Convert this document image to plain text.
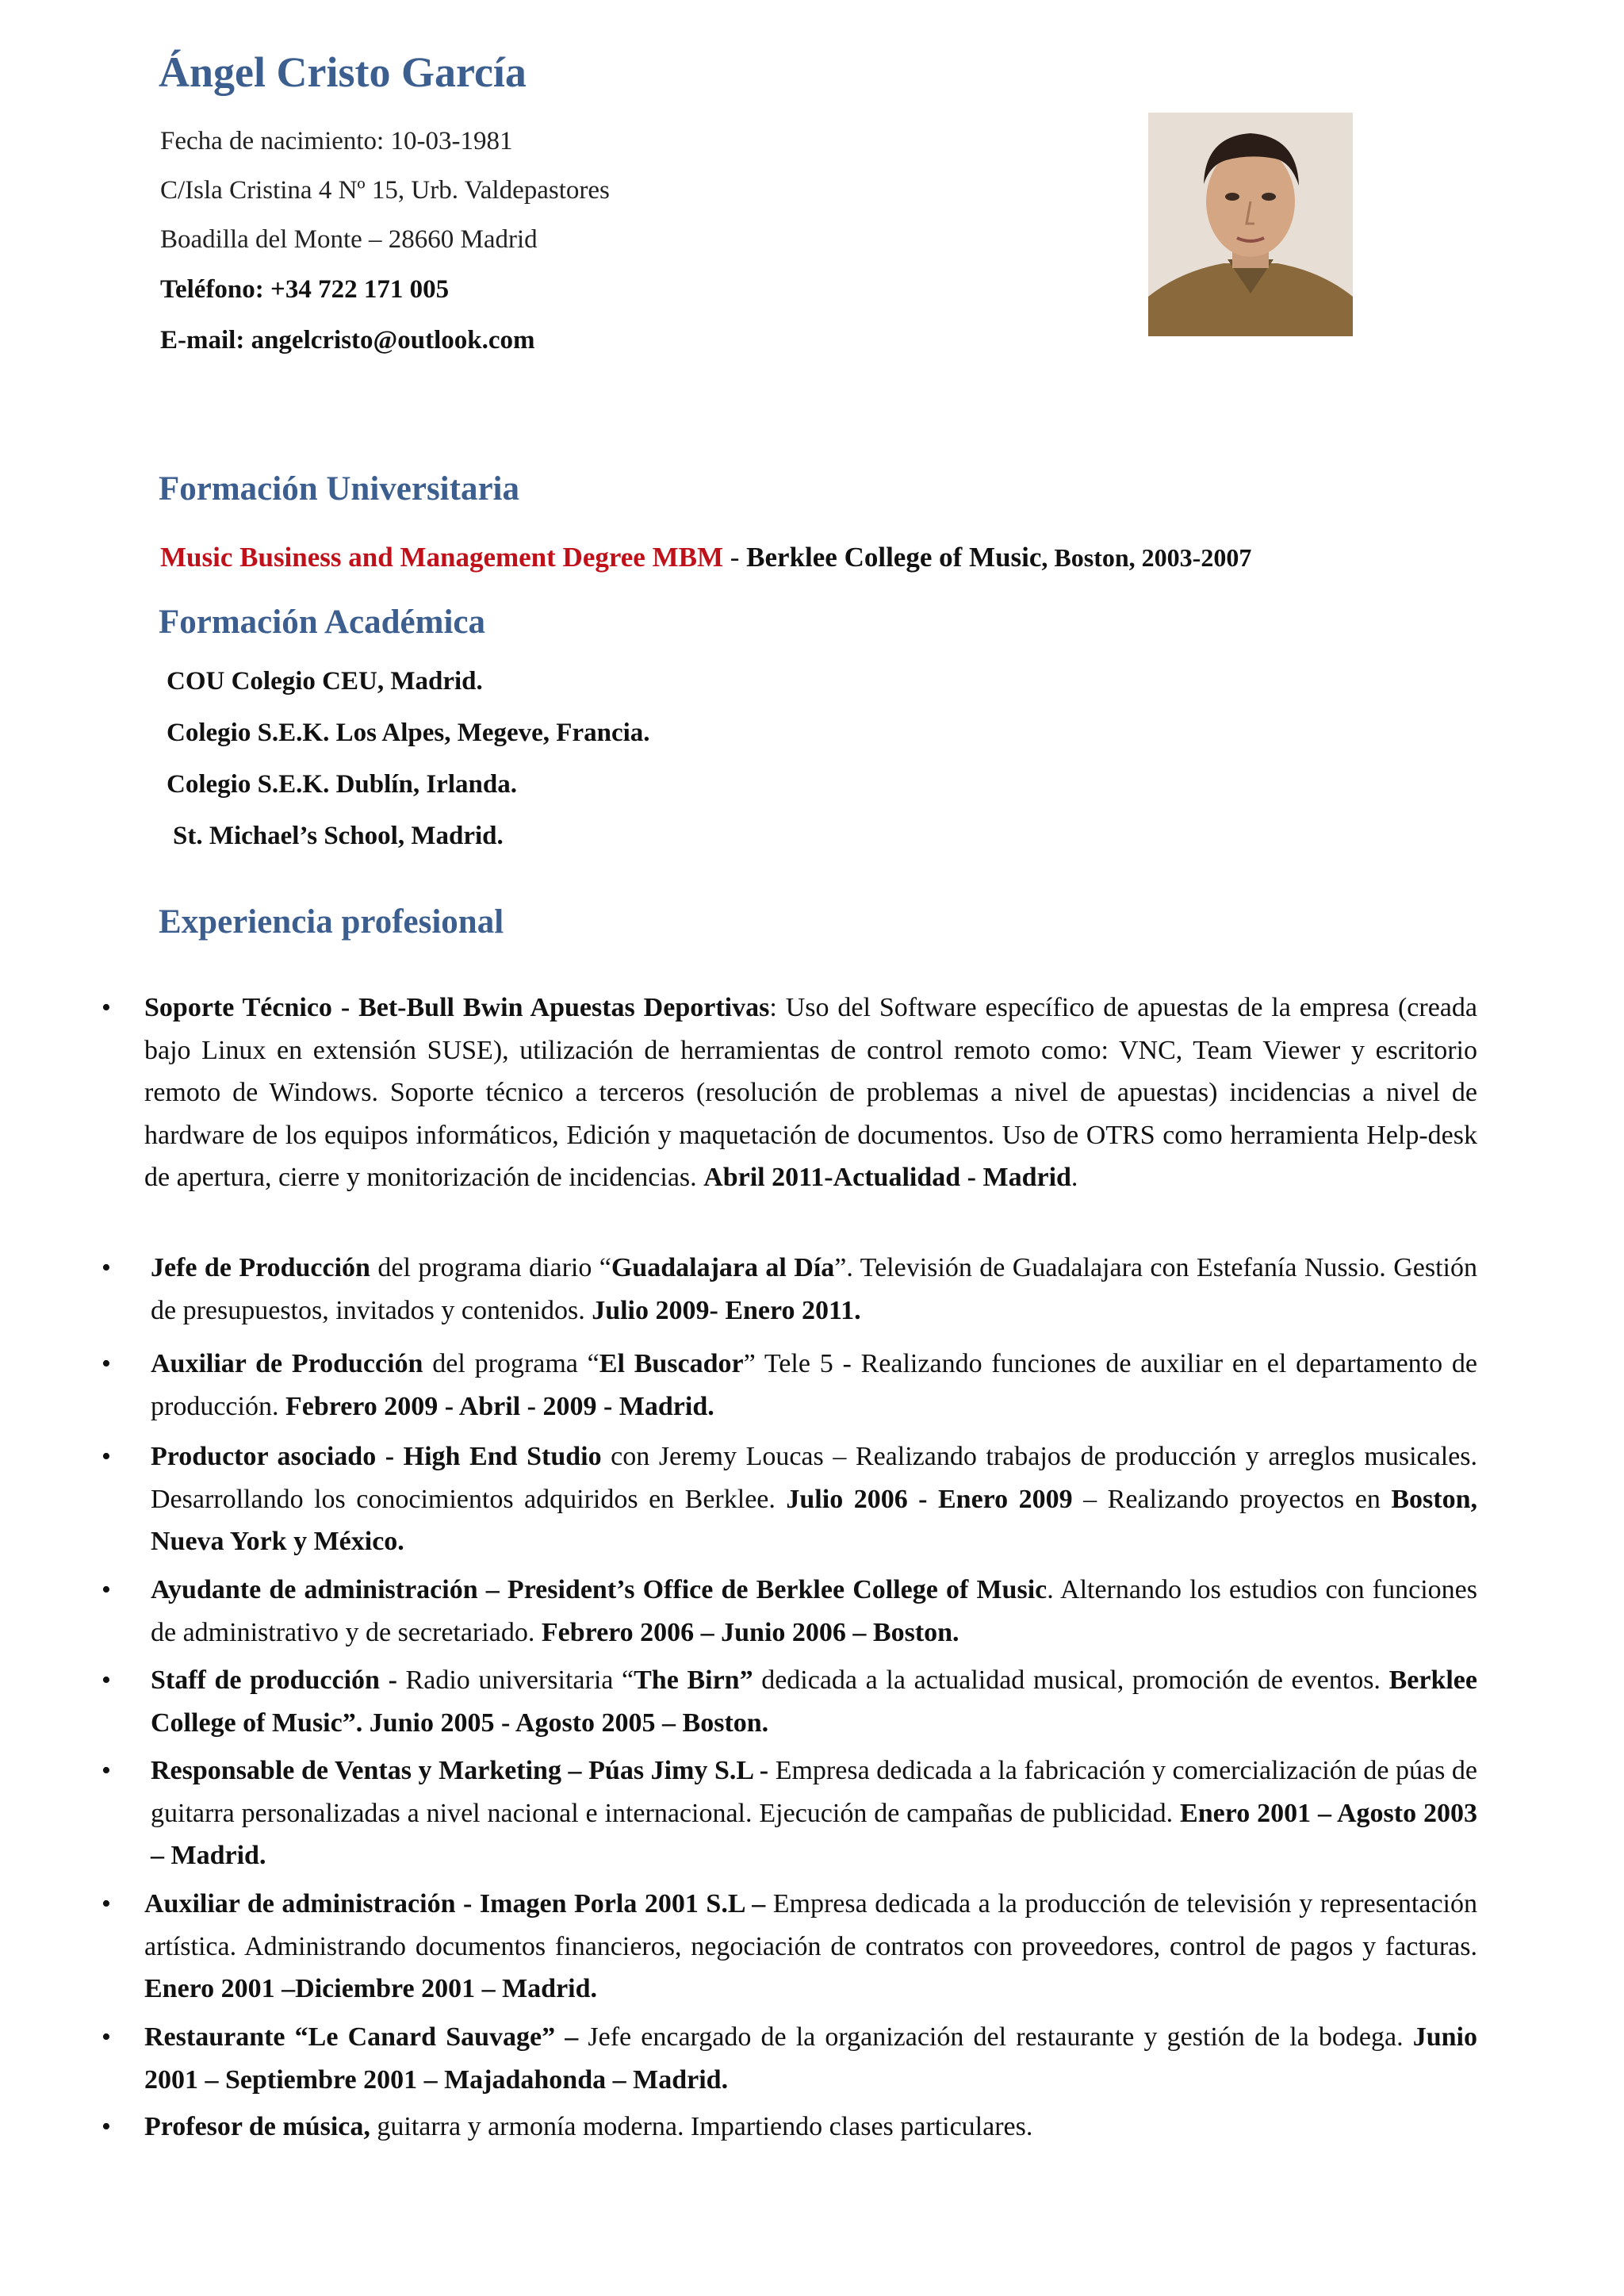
Ángel Cristo García
Fecha de nacimiento: 10-03-1981
C/Isla Cristina 4 Nº 15, Urb. Valdepastores
Boadilla del Monte – 28660 Madrid
Teléfono: +34 722 171 005
E-mail: angelcristo@outlook.com
Formación Universitaria
Music Business and Management Degree MBM - Berklee College of Music, Boston, 2003-2007
Formación Académica
COU Colegio CEU, Madrid.
Colegio S.E.K. Los Alpes, Megeve, Francia.
Colegio S.E.K. Dublín, Irlanda.
St. Michael’s School, Madrid.
Experiencia profesional
•	Soporte Técnico - Bet-Bull Bwin Apuestas Deportivas: Uso del Software específico de apuestas de la empresa (creada bajo Linux en extensión SUSE), utilización de herramientas de control remoto como: VNC, Team Viewer y escritorio remoto de Windows. Soporte técnico a terceros (resolución de problemas a nivel de apuestas) incidencias a nivel de hardware de los equipos informáticos, Edición y maquetación de documentos. Uso de OTRS como herramienta Help-desk de apertura, cierre y monitorización de incidencias. Abril 2011-Actualidad - Madrid.
•	Jefe de Producción del programa diario “Guadalajara al Día”. Televisión de Guadalajara con Estefanía Nussio. Gestión de presupuestos, invitados y contenidos. Julio 2009- Enero 2011.
•	Auxiliar de Producción del programa “El Buscador” Tele 5 - Realizando funciones de auxiliar en el departamento de producción. Febrero 2009 - Abril - 2009 - Madrid.
•	Productor asociado - High End Studio con Jeremy Loucas – Realizando trabajos de producción y arreglos musicales. Desarrollando los conocimientos adquiridos en Berklee. Julio 2006 - Enero 2009 – Realizando proyectos en Boston, Nueva York y México.
•	Ayudante de administración – President’s Office de Berklee College of Music. Alternando los estudios con funciones de administrativo y de secretariado. Febrero 2006 – Junio 2006 – Boston.
•	Staff de producción - Radio universitaria “The Birn” dedicada a la actualidad musical, promoción de eventos. Berklee College of Music”. Junio 2005 - Agosto 2005 – Boston.
•	Responsable de Ventas y Marketing – Púas Jimy S.L - Empresa dedicada a la fabricación y comercialización de púas de guitarra personalizadas a nivel nacional e internacional. Ejecución de campañas de publicidad. Enero 2001 – Agosto 2003 – Madrid.
•	Auxiliar de administración - Imagen Porla 2001 S.L – Empresa dedicada a la producción de televisión y representación artística. Administrando documentos financieros, negociación de contratos con proveedores, control de pagos y facturas. Enero 2001 –Diciembre 2001 – Madrid.
•	Restaurante “Le Canard Sauvage” – Jefe encargado de la organización del restaurante y gestión de la bodega. Junio 2001 – Septiembre 2001 – Majadahonda – Madrid.
•	Profesor de música, guitarra y armonía moderna. Impartiendo clases particulares.
